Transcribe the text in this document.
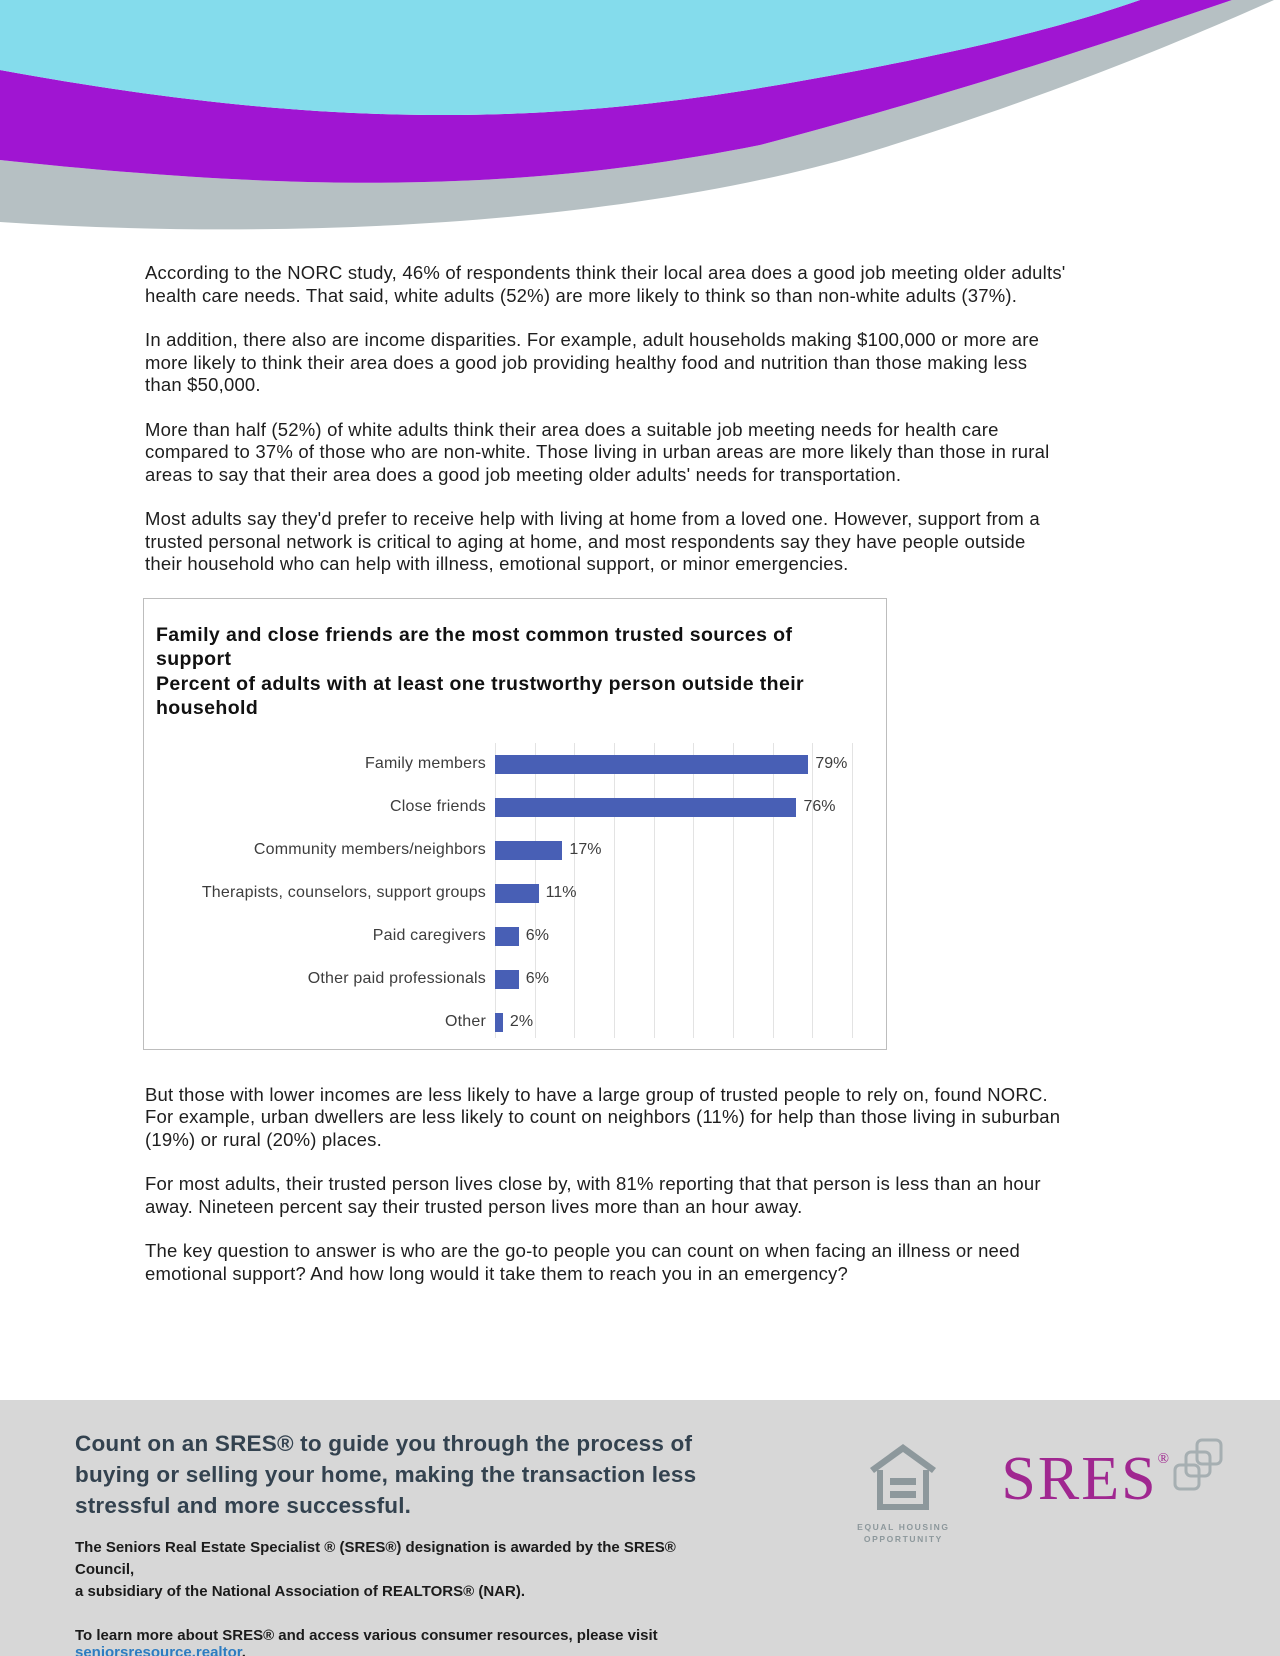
According to the NORC study, 46% of respondents think their local area does a good job meeting older adults' health care needs. That said, white adults (52%) are more likely to think so than non-white adults (37%).

In addition, there also are income disparities. For example, adult households making $100,000 or more are more likely to think their area does a good job providing healthy food and nutrition than those making less than $50,000.

More than half (52%) of white adults think their area does a suitable job meeting needs for health care compared to 37% of those who are non-white. Those living in urban areas are more likely than those in rural areas to say that their area does a good job meeting older adults' needs for transportation.

Most adults say they'd prefer to receive help with living at home from a loved one. However, support from a trusted personal network is critical to aging at home, and most respondents say they have people outside their household who can help with illness, emotional support, or minor emergencies.

Family and close friends are the most common trusted sources of support
Percent of adults with at least one trustworthy person outside their household
Family members	79%
Close friends	76%
Community members/neighbors	17%
Therapists, counselors, support groups	11%
Paid caregivers	6%
Other paid professionals	6%
Other	2%

But those with lower incomes are less likely to have a large group of trusted people to rely on, found NORC. For example, urban dwellers are less likely to count on neighbors (11%) for help than those living in suburban (19%) or rural (20%) places.

For most adults, their trusted person lives close by, with 81% reporting that that person is less than an hour away. Nineteen percent say their trusted person lives more than an hour away.

The key question to answer is who are the go-to people you can count on when facing an illness or need emotional support? And how long would it take them to reach you in an emergency?

Count on an SRES® to guide you through the process of buying or selling your home, making the transaction less stressful and more successful.
The Seniors Real Estate Specialist ® (SRES®) designation is awarded by the SRES® Council,
a subsidiary of the National Association of REALTORS® (NAR).
To learn more about SRES® and access various consumer resources, please visit seniorsresource.realtor.
EQUAL HOUSING
OPPORTUNITY
SRES ®
